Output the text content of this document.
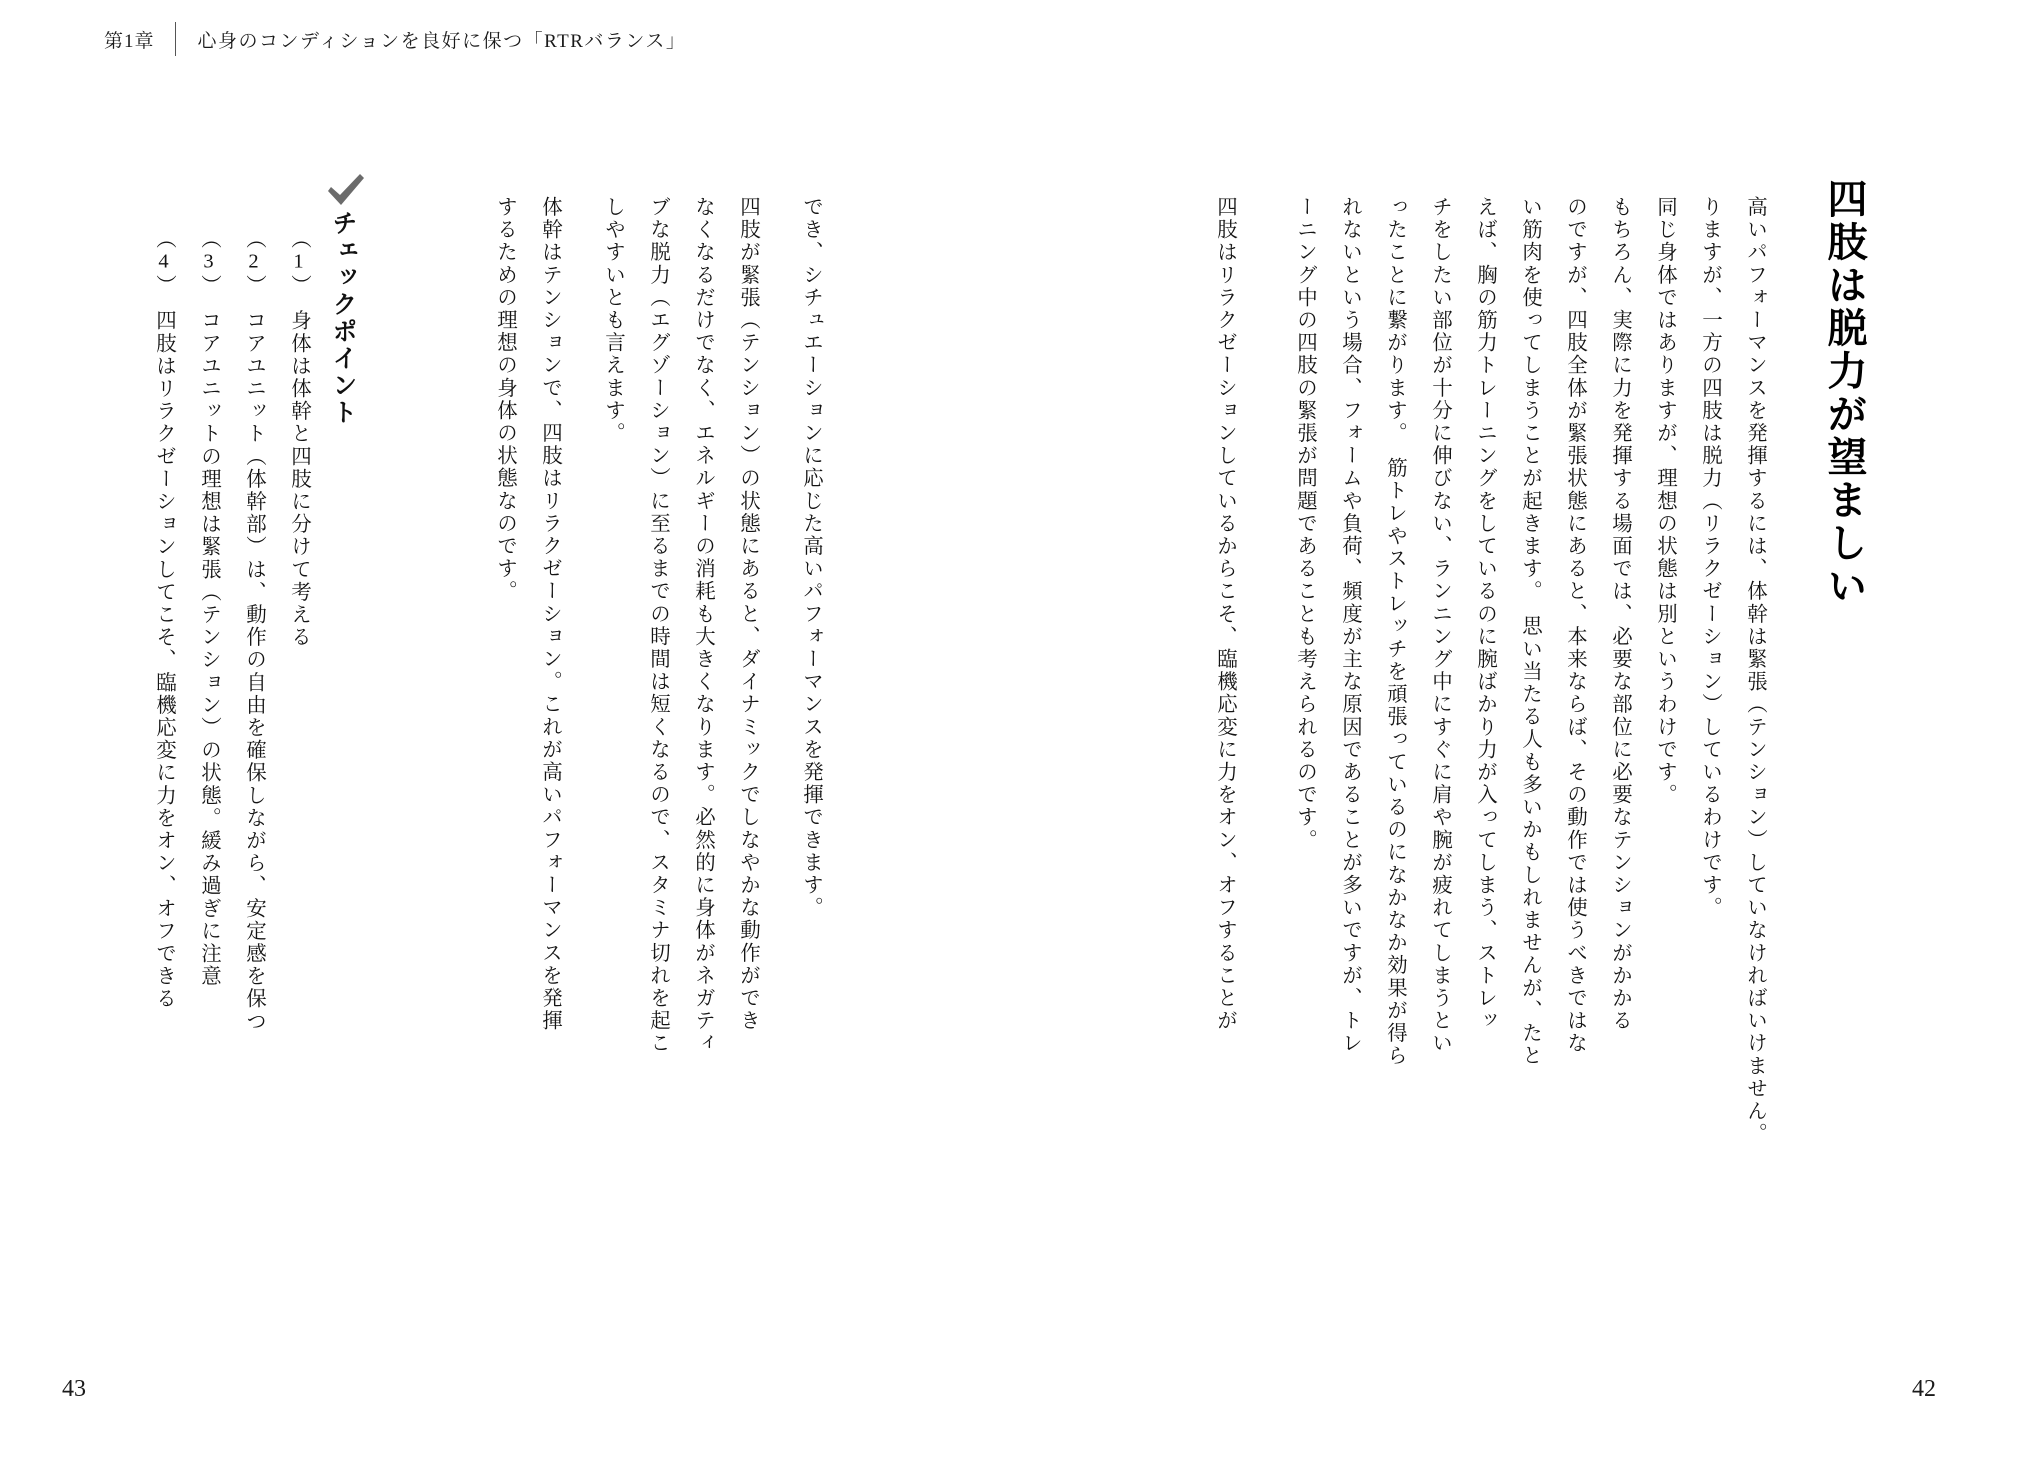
第1章 心身のコンディションを良好に保つ「RTRバランス」
四肢は脱力が望ましい
高いパフォーマンスを発揮するには、体幹は緊張（テンション）していなければいけません。
りますが、一方の四肢は脱力（リラクゼーション）しているわけです。
同じ身体ではありますが、理想の状態は別というわけです。
もちろん、実際に力を発揮する場面では、必要な部位に必要なテンションがかかる
のですが、四肢全体が緊張状態にあると、本来ならば、その動作では使うべきではな
い筋肉を使ってしまうことが起きます。　思い当たる人も多いかもしれませんが、たと
えば、胸の筋力トレーニングをしているのに腕ばかり力が入ってしまう、ストレッ
チをしたい部位が十分に伸びない、ランニング中にすぐに肩や腕が疲れてしまうとい
ったことに繋がります。　筋トレやストレッチを頑張っているのになかなか効果が得ら
れないという場合、フォームや負荷、頻度が主な原因であることが多いですが、トレ
ーニング中の四肢の緊張が問題であることも考えられるのです。
四肢はリラクゼーションしているからこそ、臨機応変に力をオン、オフすることが
42
でき、シチュエーションに応じた高いパフォーマンスを発揮できます。
四肢が緊張（テンション）の状態にあると、ダイナミックでしなやかな動作ができ
なくなるだけでなく、エネルギーの消耗も大きくなります。必然的に身体がネガティ
ブな脱力（エグゾーション）に至るまでの時間は短くなるので、スタミナ切れを起こ
しやすいとも言えます。
体幹はテンションで、四肢はリラクゼーション。これが高いパフォーマンスを発揮
するための理想の身体の状態なのです。
チェックポイント
（1）　身体は体幹と四肢に分けて考える
（2）　コアユニット（体幹部）は、動作の自由を確保しながら、安定感を保つ
（3）　コアユニットの理想は緊張（テンション）の状態。緩み過ぎに注意
（4）　四肢はリラクゼーションしてこそ、臨機応変に力をオン、オフできる
43
